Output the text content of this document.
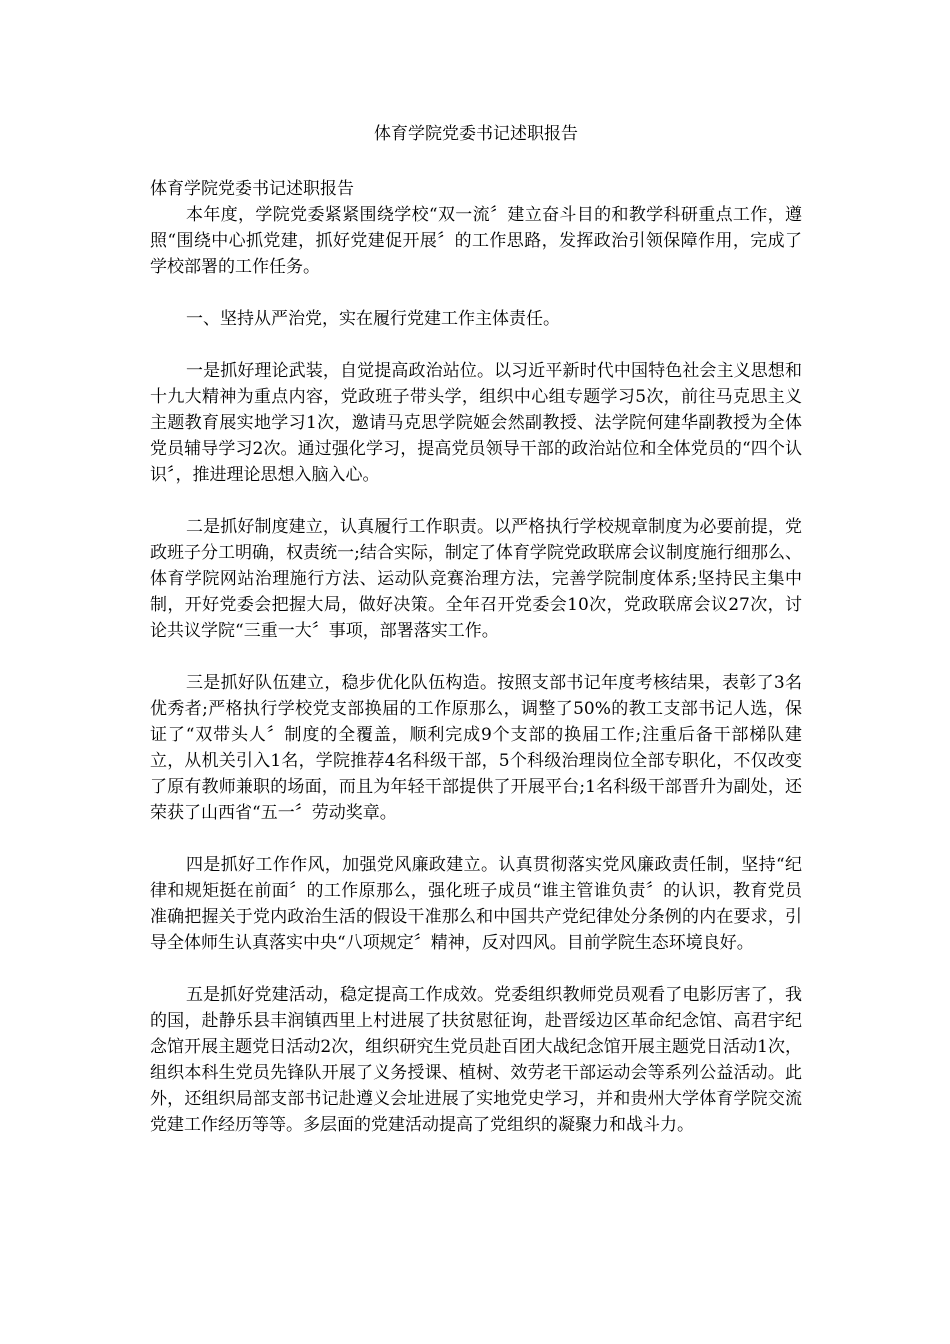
体育学院党委书记述职报告
体育学院党委书记述职报告

本年度，学院党委紧紧围绕学校“双一流〞建立奋斗目的和教学科研重点工作，遵照“围绕中心抓党建，抓好党建促开展〞的工作思路，发挥政治引领保障作用，完成了学校部署的工作任务。

一、坚持从严治党，实在履行党建工作主体责任。

一是抓好理论武装，自觉提高政治站位。以习近平新时代中国特色社会主义思想和十九大精神为重点内容，党政班子带头学，组织中心组专题学习5次，前往马克思主义主题教育展实地学习1次，邀请马克思学院姬会然副教授、法学院何建华副教授为全体党员辅导学习2次。通过强化学习，提高党员领导干部的政治站位和全体党员的“四个认识〞，推进理论思想入脑入心。

二是抓好制度建立，认真履行工作职责。以严格执行学校规章制度为必要前提，党政班子分工明确，权责统一;结合实际，制定了体育学院党政联席会议制度施行细那么、体育学院网站治理施行方法、运动队竞赛治理方法，完善学院制度体系;坚持民主集中制，开好党委会把握大局，做好决策。全年召开党委会10次，党政联席会议27次，讨论共议学院“三重一大〞事项，部署落实工作。

三是抓好队伍建立，稳步优化队伍构造。按照支部书记年度考核结果，表彰了3名优秀者;严格执行学校党支部换届的工作原那么，调整了50%的教工支部书记人选，保证了“双带头人〞制度的全覆盖，顺利完成9个支部的换届工作;注重后备干部梯队建立，从机关引入1名，学院推荐4名科级干部，5个科级治理岗位全部专职化，不仅改变了原有教师兼职的场面，而且为年轻干部提供了开展平台;1名科级干部晋升为副处，还荣获了山西省“五一〞劳动奖章。

四是抓好工作作风，加强党风廉政建立。认真贯彻落实党风廉政责任制，坚持“纪律和规矩挺在前面〞的工作原那么，强化班子成员“谁主管谁负责〞的认识，教育党员准确把握关于党内政治生活的假设干准那么和中国共产党纪律处分条例的内在要求，引导全体师生认真落实中央“八项规定〞精神，反对四风。目前学院生态环境良好。

五是抓好党建活动，稳定提高工作成效。党委组织教师党员观看了电影厉害了，我的国，赴静乐县丰润镇西里上村进展了扶贫慰征询，赴晋绥边区革命纪念馆、高君宇纪念馆开展主题党日活动2次，组织研究生党员赴百团大战纪念馆开展主题党日活动1次，组织本科生党员先锋队开展了义务授课、植树、效劳老干部运动会等系列公益活动。此外，还组织局部支部书记赴遵义会址进展了实地党史学习，并和贵州大学体育学院交流党建工作经历等等。多层面的党建活动提高了党组织的凝聚力和战斗力。
